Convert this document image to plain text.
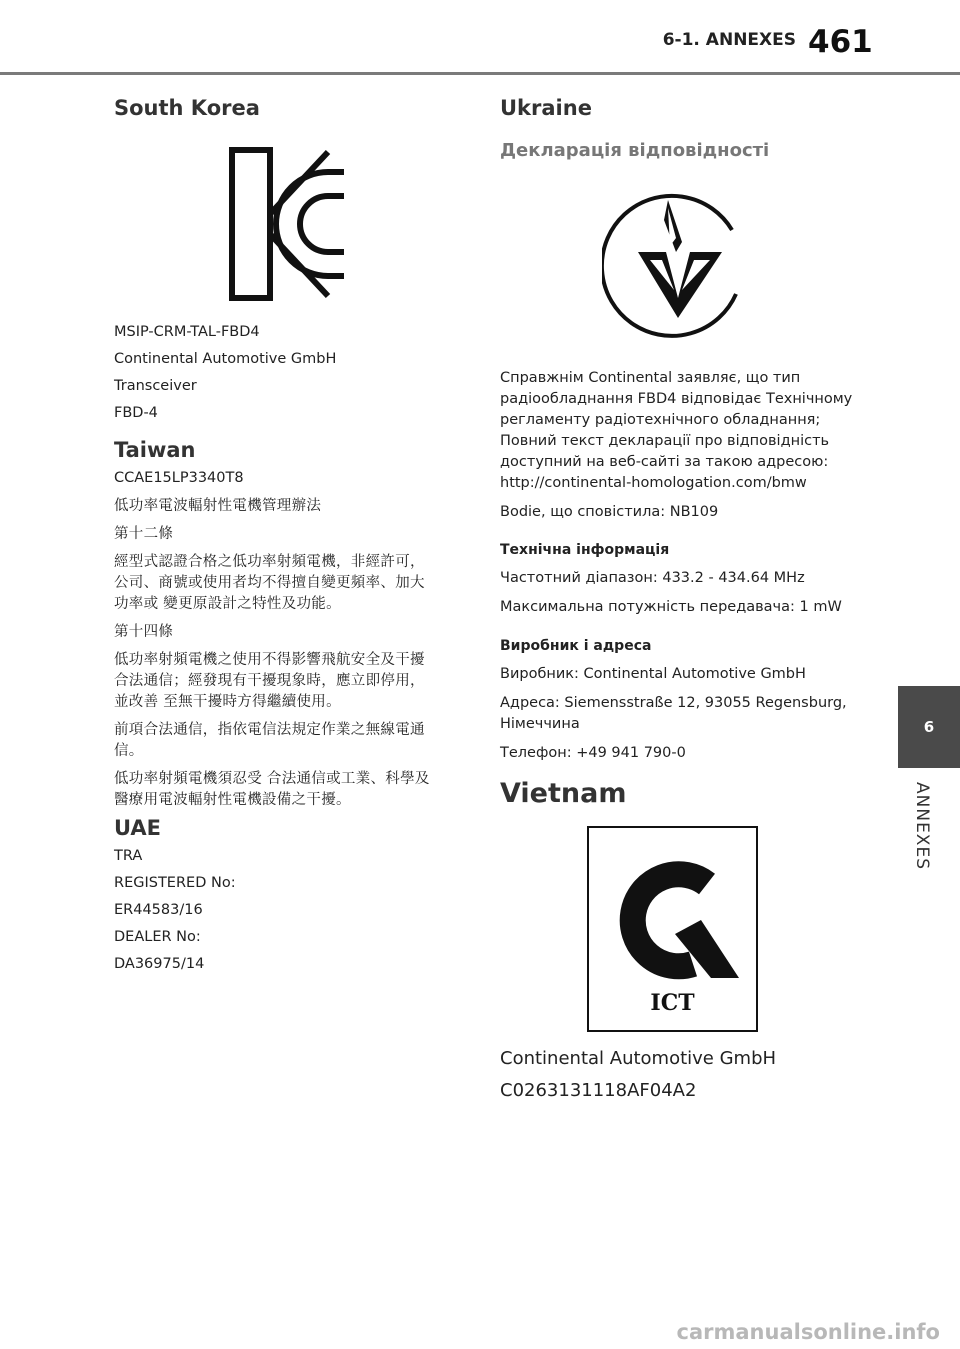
6-1. ANNEXES 461
South Korea
MSIP-CRM-TAL-FBD4
Continental Automotive GmbH
Transceiver
FBD-4
Taiwan
CCAE15LP3340T8
低功率電波輻射性電機管理辦法
第十二條
經型式認證合格之低功率射頻電機，非經許可，
公司、商號或使用者均不得擅自變更頻率、加大
功率或 變更原設計之特性及功能。
第十四條
低功率射頻電機之使用不得影響飛航安全及干擾
合法通信；經發現有干擾現象時，應立即停用，
並改善 至無干擾時方得繼續使用。
前項合法通信，指依電信法規定作業之無線電通
信。
低功率射頻電機須忍受 合法通信或工業、科學及
醫療用電波輻射性電機設備之干擾。
UAE
TRA
REGISTERED No:
ER44583/16
DEALER No:
DA36975/14
Ukraine
Декларація відповідності
Справжнім Continental заявляє, що тип
радіообладнання FBD4 відповідає Технічному
регламенту радіотехнічного обладнання;
Повний текст декларації про відповідність
доступний на веб-сайті за такою адресою:
http://continental-homologation.com/bmw
Bodie, що сповістила: NB109
Технічна інформація
Частотний діапазон: 433.2 - 434.64 MHz
Максимальна потужність передавача: 1 mW
Виробник і адреса
Виробник: Continental Automotive GmbH
Адреса: Siemensstraße 12, 93055 Regensburg,
Німеччина
Телефон: +49 941 790-0
Vietnam
ICT
Continental Automotive GmbH
C0263131118AF04A2
6
ANNEXES
carmanualsonline.info
